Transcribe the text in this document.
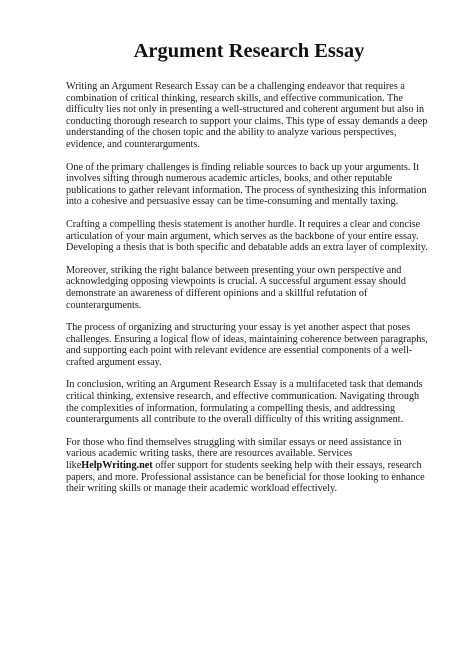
Argument Research Essay

Writing an Argument Research Essay can be a challenging endeavor that requires a combination of critical thinking, research skills, and effective communication. The difficulty lies not only in presenting a well-structured and coherent argument but also in conducting thorough research to support your claims. This type of essay demands a deep understanding of the chosen topic and the ability to analyze various perspectives, evidence, and counterarguments.

One of the primary challenges is finding reliable sources to back up your arguments. It involves sifting through numerous academic articles, books, and other reputable publications to gather relevant information. The process of synthesizing this information into a cohesive and persuasive essay can be time-consuming and mentally taxing.

Crafting a compelling thesis statement is another hurdle. It requires a clear and concise articulation of your main argument, which serves as the backbone of your entire essay. Developing a thesis that is both specific and debatable adds an extra layer of complexity.

Moreover, striking the right balance between presenting your own perspective and acknowledging opposing viewpoints is crucial. A successful argument essay should demonstrate an awareness of different opinions and a skillful refutation of counterarguments.

The process of organizing and structuring your essay is yet another aspect that poses challenges. Ensuring a logical flow of ideas, maintaining coherence between paragraphs, and supporting each point with relevant evidence are essential components of a well-crafted argument essay.

In conclusion, writing an Argument Research Essay is a multifaceted task that demands critical thinking, extensive research, and effective communication. Navigating through the complexities of information, formulating a compelling thesis, and addressing counterarguments all contribute to the overall difficulty of this writing assignment.

For those who find themselves struggling with similar essays or need assistance in various academic writing tasks, there are resources available. Services likeHelpWriting.net offer support for students seeking help with their essays, research papers, and more. Professional assistance can be beneficial for those looking to enhance their writing skills or manage their academic workload effectively.
